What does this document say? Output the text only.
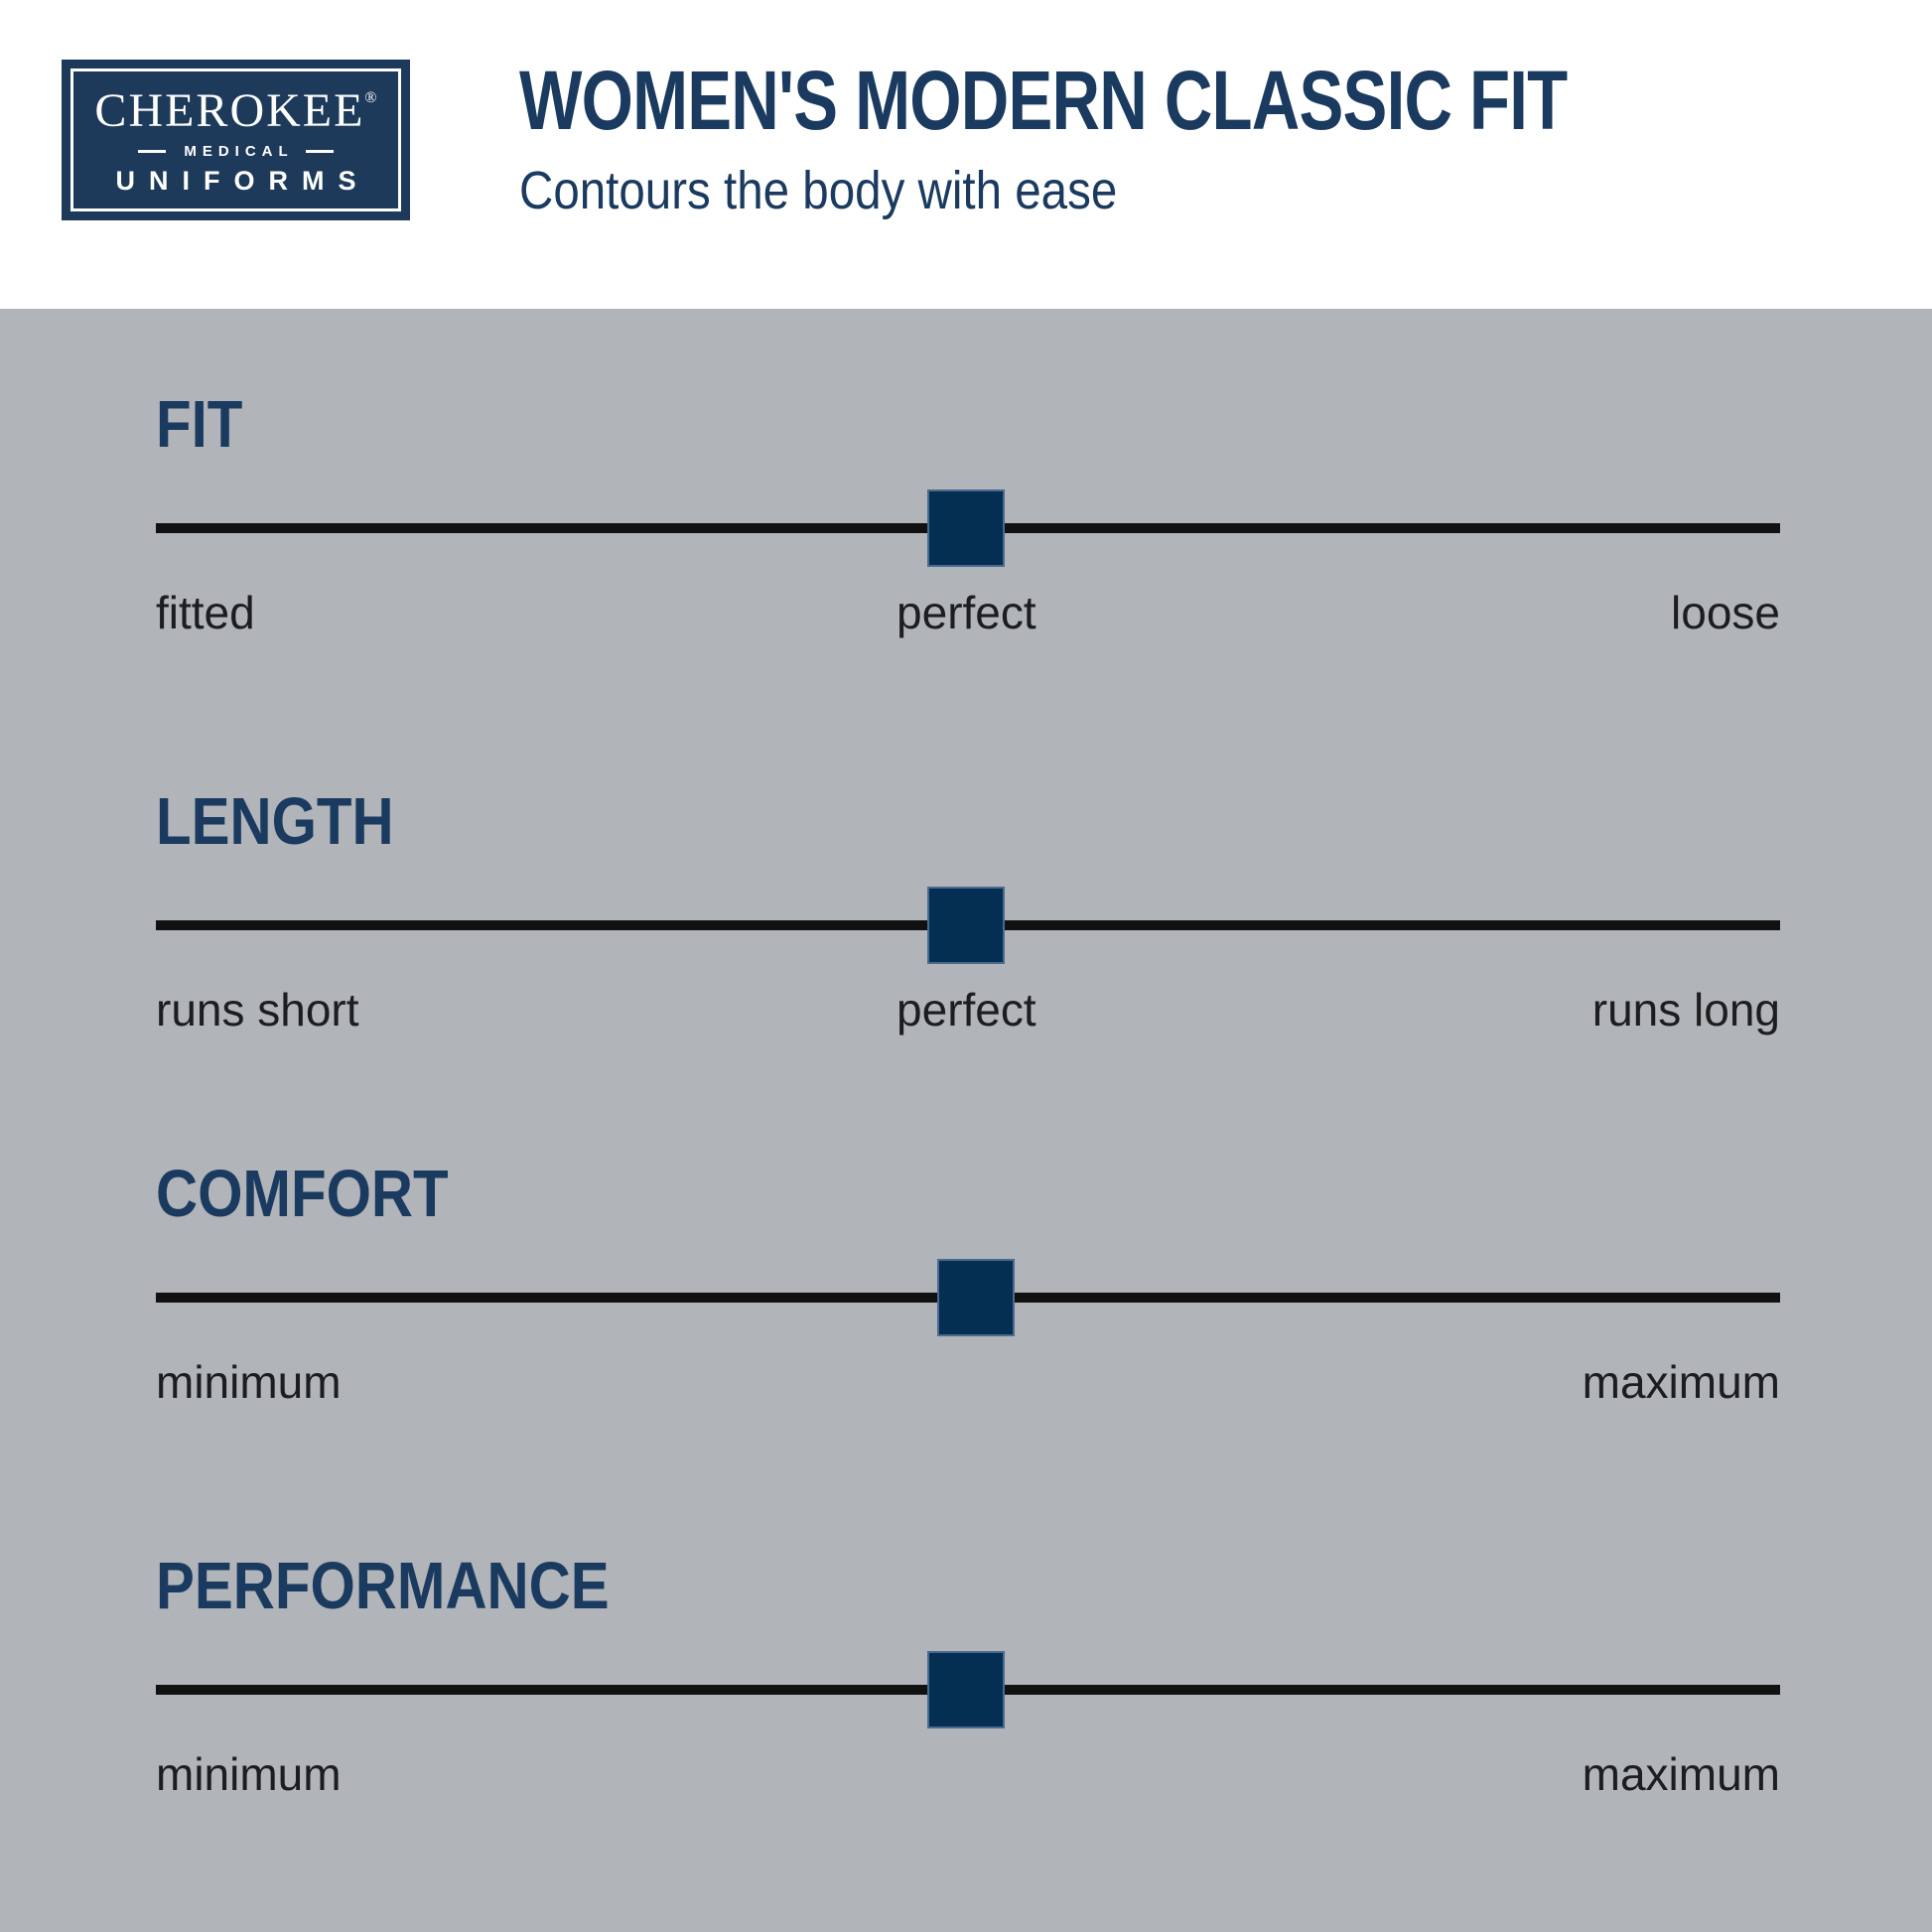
CHEROKEE®
MEDICAL
UNIFORMS
WOMEN'S MODERN CLASSIC FIT

Contours the body with ease

FIT
fitted	perfect	loose
LENGTH
runs short	perfect	runs long
COMFORT
minimum	maximum
PERFORMANCE
minimum	maximum
